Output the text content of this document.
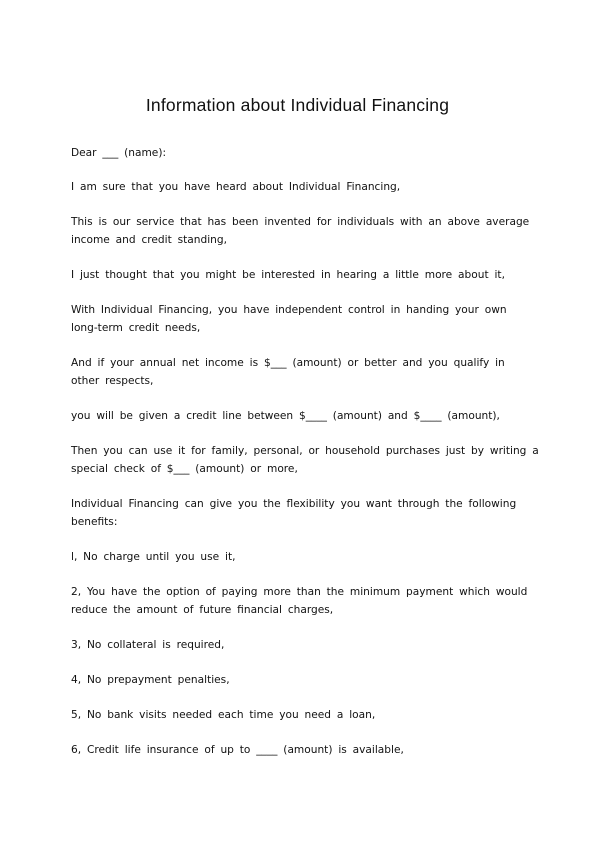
Information about Individual Financing

Dear ___ (name):

I am sure that you have heard about Individual Financing,

This is our service that has been invented for individuals with an above average
income and credit standing,

I just thought that you might be interested in hearing a little more about it,

With Individual Financing, you have independent control in handing your own
long-term credit needs,

And if your annual net income is $___ (amount) or better and you qualify in
other respects,

you will be given a credit line between $____ (amount) and $____ (amount),

Then you can use it for family, personal, or household purchases just by writing a
special check of $___ (amount) or more,

Individual Financing can give you the flexibility you want through the following
benefits:

l, No charge until you use it,

2, You have the option of paying more than the minimum payment which would
reduce the amount of future financial charges,

3, No collateral is required,

4, No prepayment penalties,

5, No bank visits needed each time you need a loan,

6, Credit life insurance of up to ____ (amount) is available,
